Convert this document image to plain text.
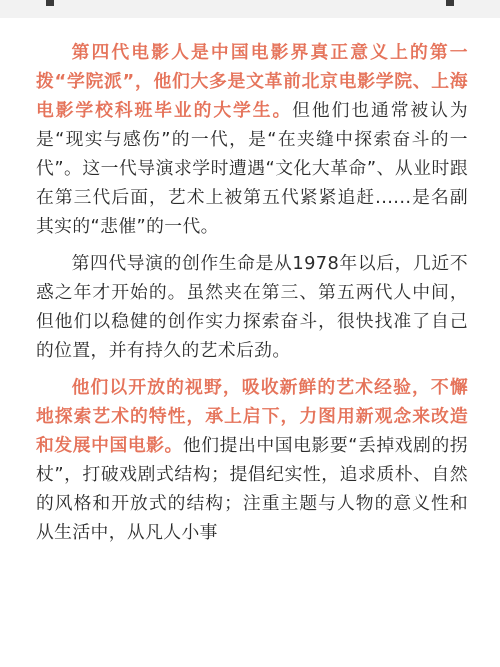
第四代电影人是中国电影界真正意义上的第一拨“学院派”，他们大多是文革前北京电影学院、上海电影学校科班毕业的大学生。但他们也通常被认为是“现实与感伤”的一代，是“在夹缝中探索奋斗的一代”。这一代导演求学时遭遇“文化大革命”、从业时跟在第三代后面，艺术上被第五代紧紧追赶......是名副其实的“悲催”的一代。

第四代导演的创作生命是从1978年以后，几近不惑之年才开始的。虽然夹在第三、第五两代人中间，但他们以稳健的创作实力探索奋斗，很快找准了自己的位置，并有持久的艺术后劲。

他们以开放的视野，吸收新鲜的艺术经验，不懈地探索艺术的特性，承上启下，力图用新观念来改造和发展中国电影。他们提出中国电影要“丢掉戏剧的拐杖”，打破戏剧式结构；提倡纪实性，追求质朴、自然的风格和开放式的结构；注重主题与人物的意义性和从生活中，从凡人小事
